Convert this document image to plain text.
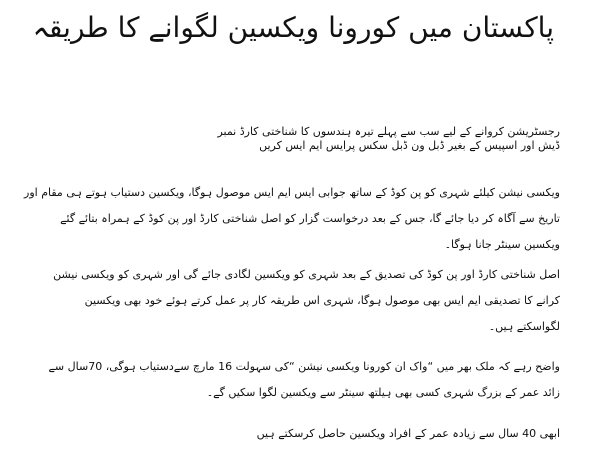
پاکستان میں کورونا ویکسین لگوانے کا طریقہ

رجسٹریشن کروانے کے لیے سب سے پہلے تیرہ ہندسوں کا شناختی کارڈ نمبر
ڈیش اور اسپیس کے بغیر ڈبل ون ڈبل سکس پرایس ایم ایس کریں

ویکسی نیشن کیلئے شہری کو پن کوڈ کے ساتھ جوابی ایس ایم ایس موصول ہوگا، ویکسین دستیاب ہوتے ہی مقام اور
تاریخ سے آگاہ کر دیا جائے گا، جس کے بعد درخواست گزار کو اصل شناختی کارڈ اور پن کوڈ کے ہمراہ بتائے گئے
ویکسین سینٹر جانا ہوگا۔

اصل شناختی کارڈ اور پن کوڈ کی تصدیق کے بعد شہری کو ویکسین لگادی جائے گی اور شہری کو ویکسی نیشن
کرانے کا تصدیقی ایم ایس بھی موصول ہوگا، شہری اس طریقہ کار پر عمل کرتے ہوئے خود بھی ویکسین
لگواسکتے ہیں۔

واضح رہے کہ ملک بھر میں “واک ان کورونا ویکسی نیشن “کی سہولت 16 مارچ سےدستیاب ہوگی، 70سال سے
زائد عمر کے بزرگ شہری کسی بھی ہیلتھ سینٹر سے ویکسین لگوا سکیں گے۔

ابھی 40 سال سے زیادہ عمر کے افراد ویکسین حاصل کرسکتے ہیں
